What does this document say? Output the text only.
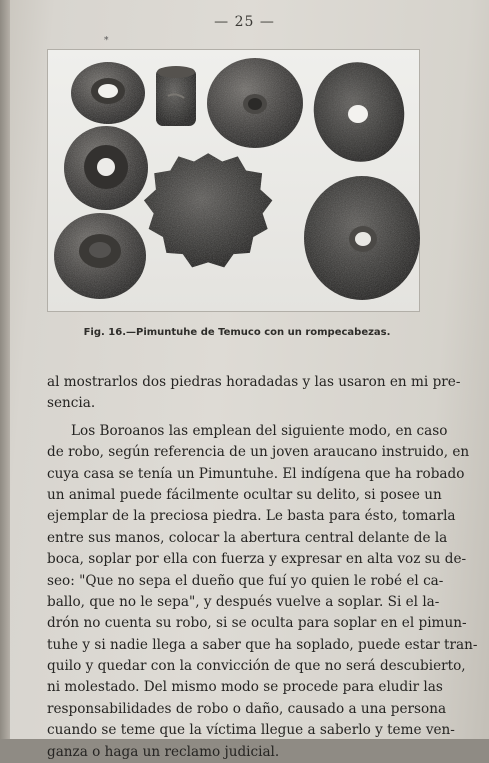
— 25 —
*
Fig. 16.—Pimuntuhe de Temuco con un rompecabezas.
al mostrarlos dos piedras horadadas y las usaron en mi pre-
sencia.
Los Boroanos las emplean del siguiente modo, en caso
de robo, según referencia de un joven araucano instruido, en
cuya casa se tenía un Pimuntuhe. El indígena que ha robado
un animal puede fácilmente ocultar su delito, si posee un
ejemplar de la preciosa piedra. Le basta para ésto, tomarla
entre sus manos, colocar la abertura central delante de la
boca, soplar por ella con fuerza y expresar en alta voz su de-
seo: "Que no sepa el dueño que fuí yo quien le robé el ca-
ballo, que no le sepa", y después vuelve a soplar. Si el la-
drón no cuenta su robo, si se oculta para soplar en el pimun-
tuhe y si nadie llega a saber que ha soplado, puede estar tran-
quilo y quedar con la convicción de que no será descubierto,
ni molestado. Del mismo modo se procede para eludir las
responsabilidades de robo o daño, causado a una persona
cuando se teme que la víctima llegue a saberlo y teme ven-
ganza o haga un reclamo judicial.
